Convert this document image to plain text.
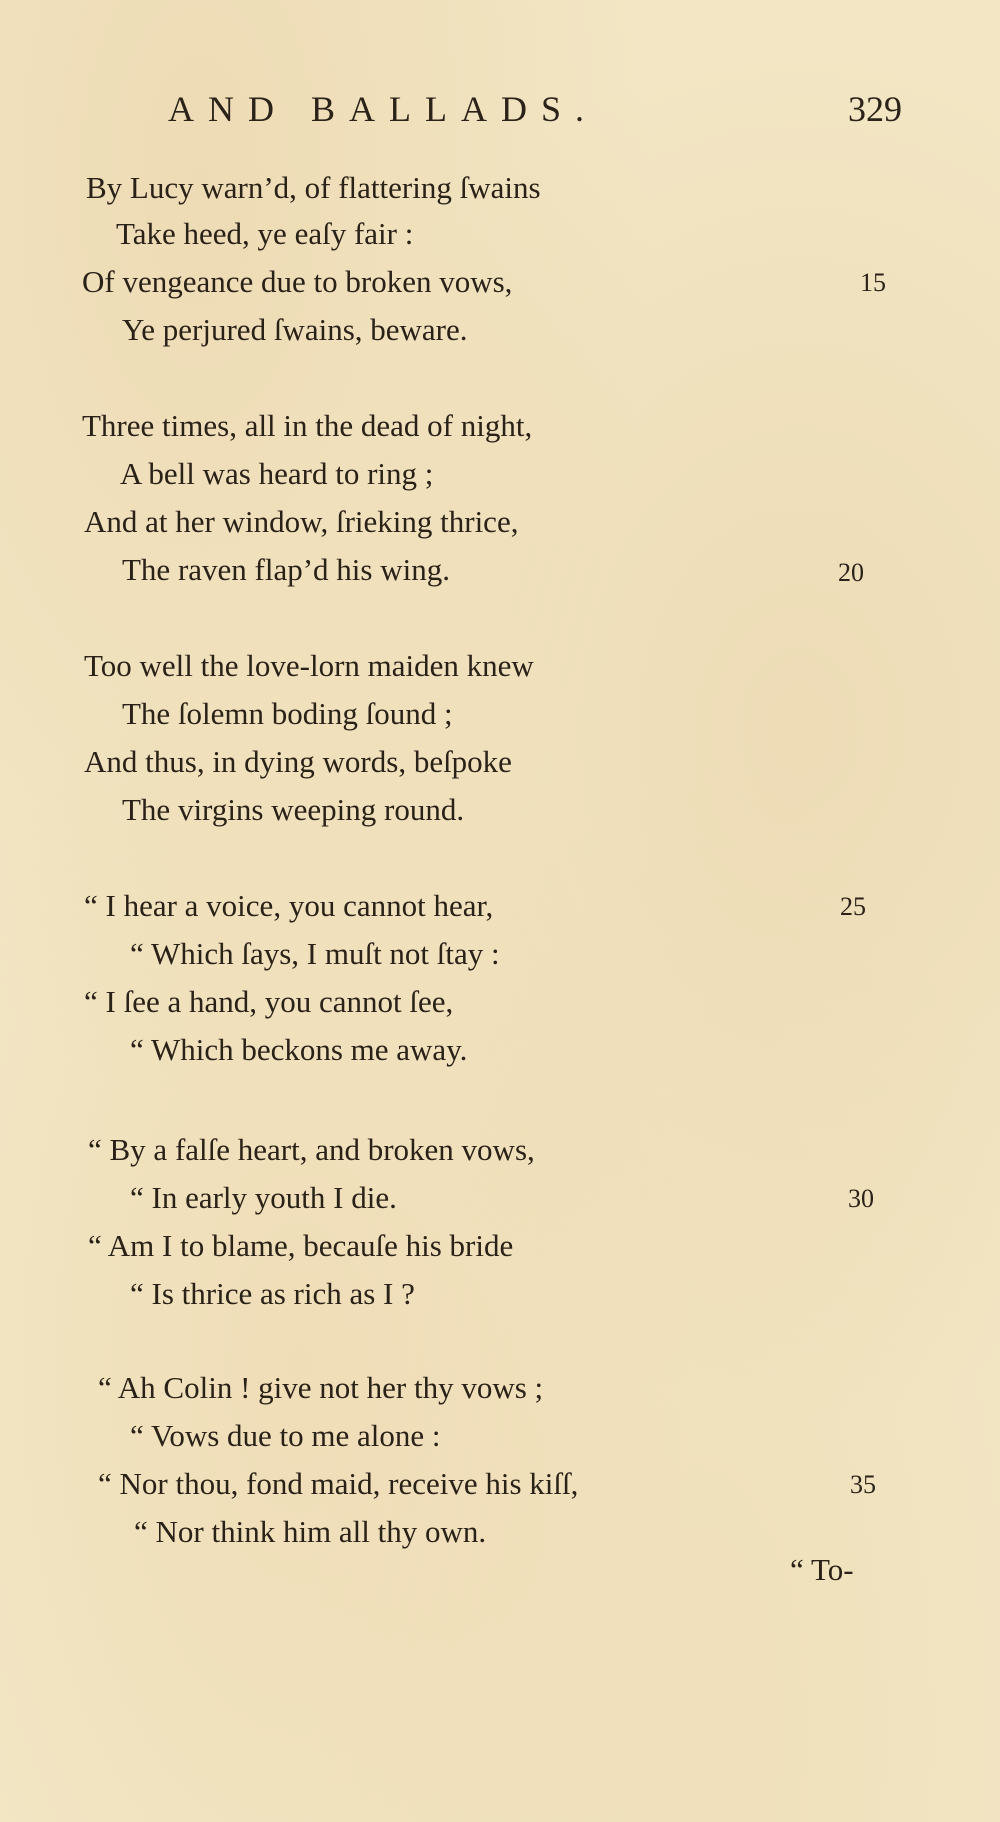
AND BALLADS.	329
By Lucy warn’d, of flattering ſwains
Take heed, ye eaſy fair :
Of vengeance due to broken vows,	15
Ye perjured ſwains, beware.
Three times, all in the dead of night,
A bell was heard to ring ;
And at her window, ſrieking thrice,
The raven flap’d his wing.	20
Too well the love-lorn maiden knew
The ſolemn boding ſound ;
And thus, in dying words, beſpoke
The virgins weeping round.
“ I hear a voice, you cannot hear,	25
“ Which ſays, I muſt not ſtay :
“ I ſee a hand, you cannot ſee,
“ Which beckons me away.
“ By a falſe heart, and broken vows,
“ In early youth I die.	30
“ Am I to blame, becauſe his bride
“ Is thrice as rich as I ?
“ Ah Colin ! give not her thy vows ;
“ Vows due to me alone :
“ Nor thou, fond maid, receive his kiſſ,	35
“ Nor think him all thy own.
“ To-
